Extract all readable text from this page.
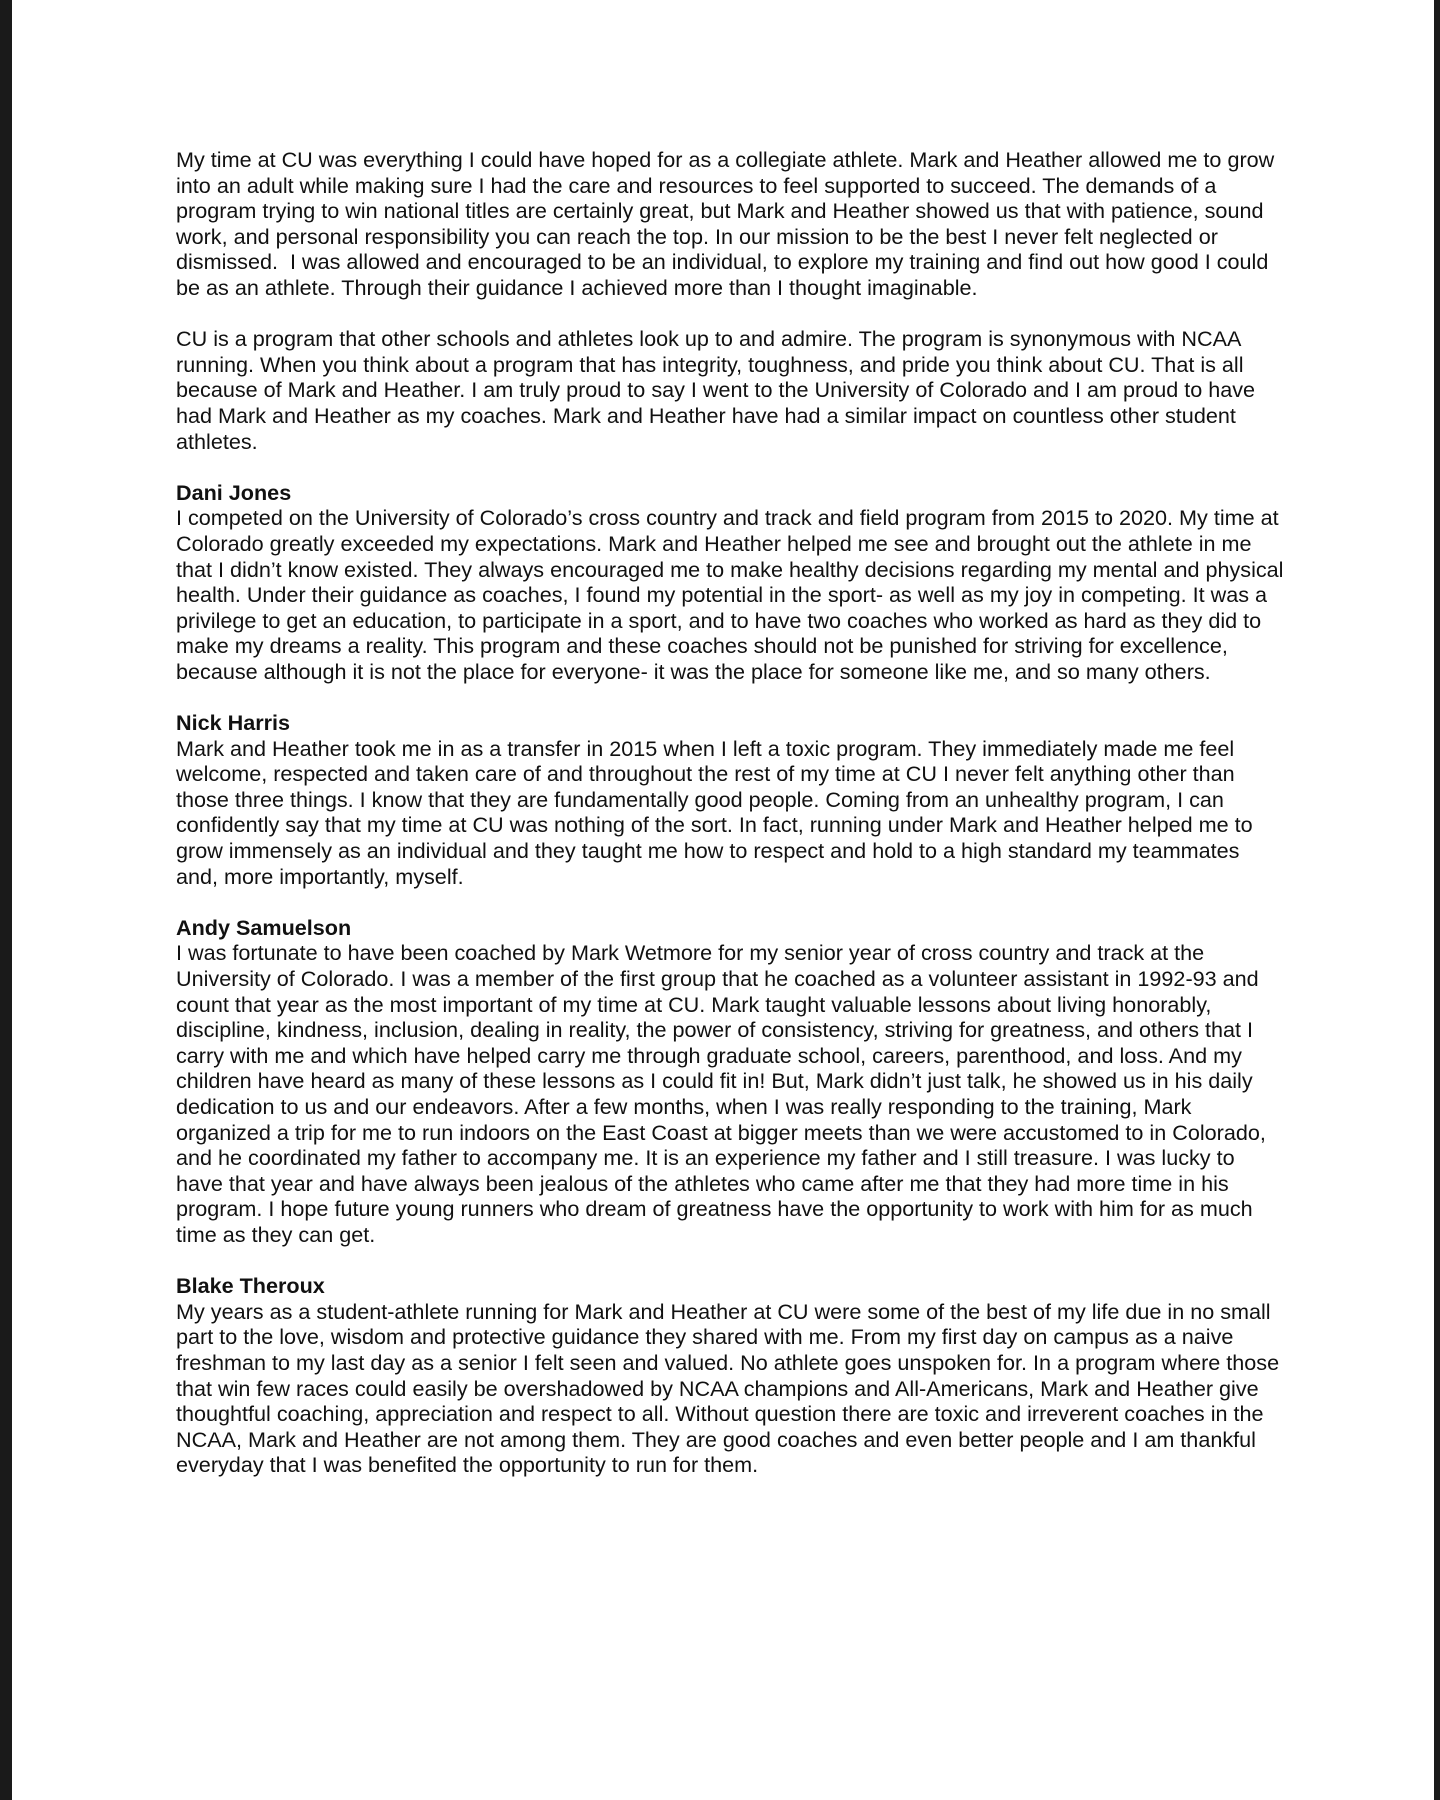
My time at CU was everything I could have hoped for as a collegiate athlete. Mark and Heather allowed me to grow into an adult while making sure I had the care and resources to feel supported to succeed. The demands of a program trying to win national titles are certainly great, but Mark and Heather showed us that with patience, sound work, and personal responsibility you can reach the top. In our mission to be the best I never felt neglected or dismissed.  I was allowed and encouraged to be an individual, to explore my training and find out how good I could be as an athlete. Through their guidance I achieved more than I thought imaginable.

CU is a program that other schools and athletes look up to and admire. The program is synonymous with NCAA running. When you think about a program that has integrity, toughness, and pride you think about CU. That is all because of Mark and Heather. I am truly proud to say I went to the University of Colorado and I am proud to have had Mark and Heather as my coaches. Mark and Heather have had a similar impact on countless other student athletes.

Dani Jones

I competed on the University of Colorado’s cross country and track and field program from 2015 to 2020. My time at Colorado greatly exceeded my expectations. Mark and Heather helped me see and brought out the athlete in me that I didn’t know existed. They always encouraged me to make healthy decisions regarding my mental and physical health. Under their guidance as coaches, I found my potential in the sport- as well as my joy in competing. It was a privilege to get an education, to participate in a sport, and to have two coaches who worked as hard as they did to make my dreams a reality. This program and these coaches should not be punished for striving for excellence, because although it is not the place for everyone- it was the place for someone like me, and so many others.

Nick Harris

Mark and Heather took me in as a transfer in 2015 when I left a toxic program. They immediately made me feel welcome, respected and taken care of and throughout the rest of my time at CU I never felt anything other than those three things. I know that they are fundamentally good people. Coming from an unhealthy program, I can confidently say that my time at CU was nothing of the sort. In fact, running under Mark and Heather helped me to grow immensely as an individual and they taught me how to respect and hold to a high standard my teammates and, more importantly, myself.

Andy Samuelson

I was fortunate to have been coached by Mark Wetmore for my senior year of cross country and track at the University of Colorado. I was a member of the first group that he coached as a volunteer assistant in 1992-93 and count that year as the most important of my time at CU. Mark taught valuable lessons about living honorably, discipline, kindness, inclusion, dealing in reality, the power of consistency, striving for greatness, and others that I carry with me and which have helped carry me through graduate school, careers, parenthood, and loss. And my children have heard as many of these lessons as I could fit in! But, Mark didn’t just talk, he showed us in his daily dedication to us and our endeavors. After a few months, when I was really responding to the training, Mark organized a trip for me to run indoors on the East Coast at bigger meets than we were accustomed to in Colorado, and he coordinated my father to accompany me. It is an experience my father and I still treasure. I was lucky to have that year and have always been jealous of the athletes who came after me that they had more time in his program. I hope future young runners who dream of greatness have the opportunity to work with him for as much time as they can get.

Blake Theroux

My years as a student-athlete running for Mark and Heather at CU were some of the best of my life due in no small part to the love, wisdom and protective guidance they shared with me. From my first day on campus as a naive freshman to my last day as a senior I felt seen and valued. No athlete goes unspoken for. In a program where those that win few races could easily be overshadowed by NCAA champions and All-Americans, Mark and Heather give thoughtful coaching, appreciation and respect to all. Without question there are toxic and irreverent coaches in the NCAA, Mark and Heather are not among them. They are good coaches and even better people and I am thankful everyday that I was benefited the opportunity to run for them.
